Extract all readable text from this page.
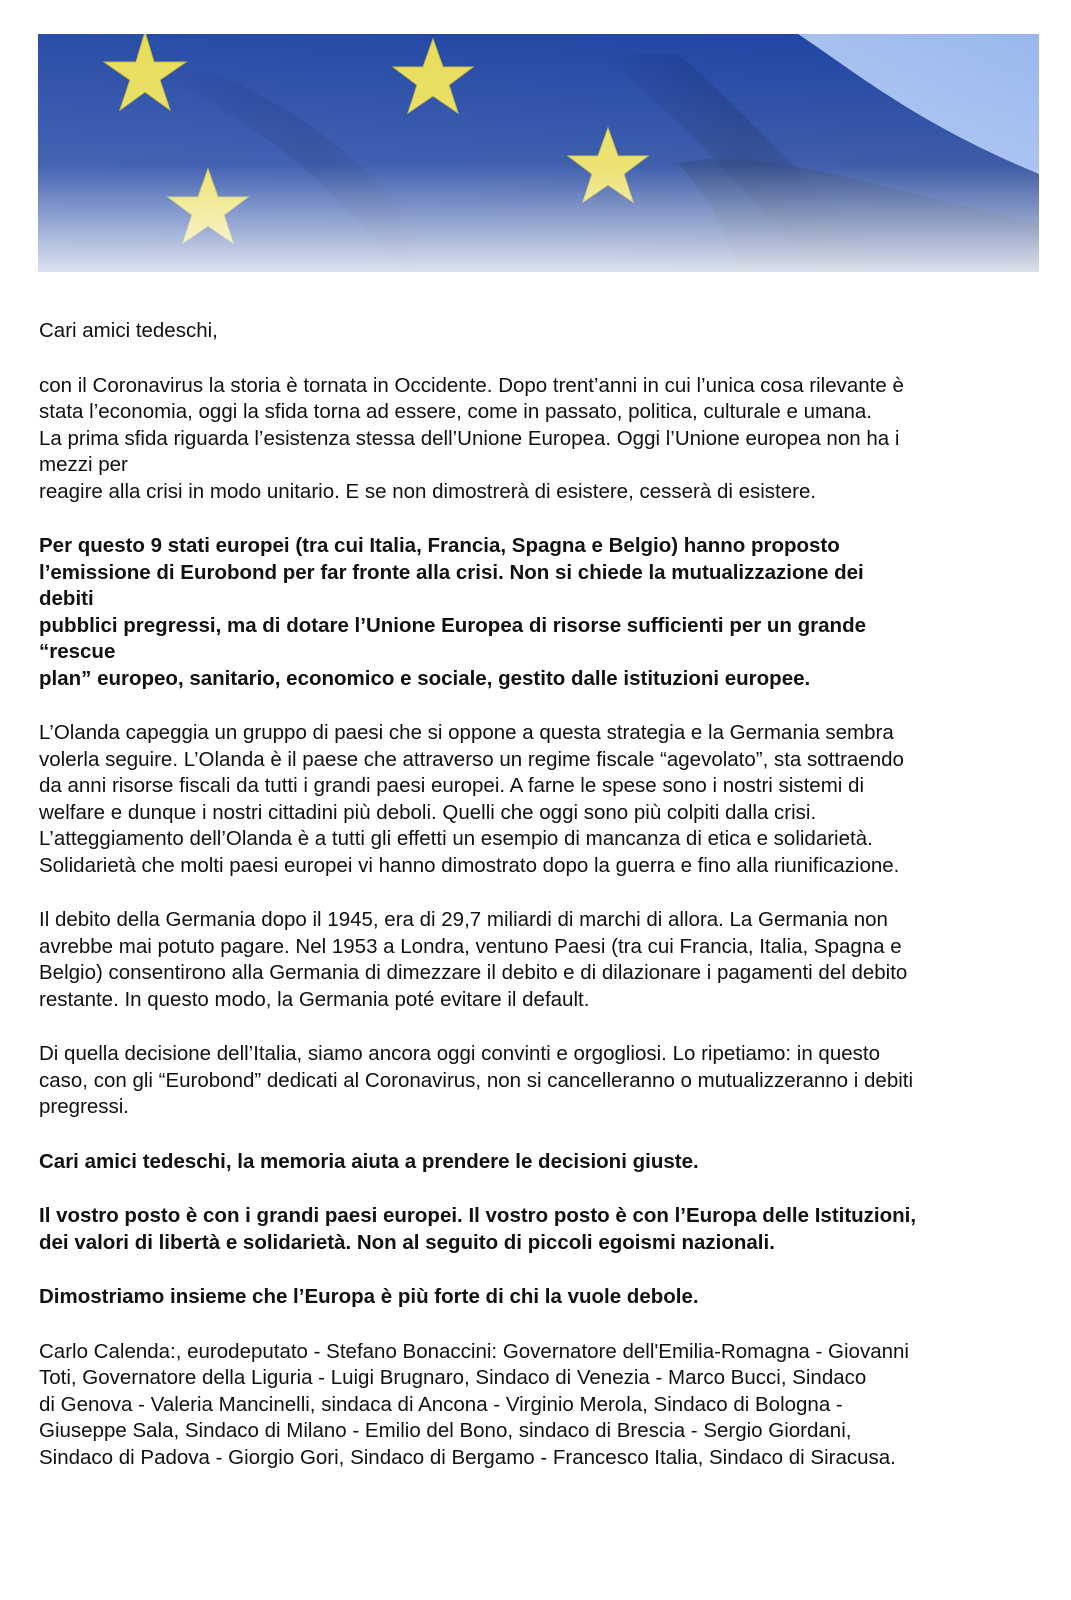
Cari amici tedeschi,

con il Coronavirus la storia è tornata in Occidente. Dopo trent’anni in cui l’unica cosa rilevante è
stata l’economia, oggi la sfida torna ad essere, come in passato, politica, culturale e umana.
La prima sfida riguarda l’esistenza stessa dell’Unione Europea. Oggi l’Unione europea non ha i
mezzi per
reagire alla crisi in modo unitario. E se non dimostrerà di esistere, cesserà di esistere.

Per questo 9 stati europei (tra cui Italia, Francia, Spagna e Belgio) hanno proposto
l’emissione di Eurobond per far fronte alla crisi. Non si chiede la mutualizzazione dei
debiti
pubblici pregressi, ma di dotare l’Unione Europea di risorse sufficienti per un grande
“rescue
plan” europeo, sanitario, economico e sociale, gestito dalle istituzioni europee.

L’Olanda capeggia un gruppo di paesi che si oppone a questa strategia e la Germania sembra
volerla seguire. L’Olanda è il paese che attraverso un regime fiscale “agevolato”, sta sottraendo
da anni risorse fiscali da tutti i grandi paesi europei. A farne le spese sono i nostri sistemi di
welfare e dunque i nostri cittadini più deboli. Quelli che oggi sono più colpiti dalla crisi.
L’atteggiamento dell’Olanda è a tutti gli effetti un esempio di mancanza di etica e solidarietà.
Solidarietà che molti paesi europei vi hanno dimostrato dopo la guerra e fino alla riunificazione.

Il debito della Germania dopo il 1945, era di 29,7 miliardi di marchi di allora. La Germania non
avrebbe mai potuto pagare. Nel 1953 a Londra, ventuno Paesi (tra cui Francia, Italia, Spagna e
Belgio) consentirono alla Germania di dimezzare il debito e di dilazionare i pagamenti del debito
restante. In questo modo, la Germania poté evitare il default.

Di quella decisione dell’Italia, siamo ancora oggi convinti e orgogliosi. Lo ripetiamo: in questo
caso, con gli “Eurobond” dedicati al Coronavirus, non si cancelleranno o mutualizzeranno i debiti
pregressi.

Cari amici tedeschi, la memoria aiuta a prendere le decisioni giuste.

Il vostro posto è con i grandi paesi europei. Il vostro posto è con l’Europa delle Istituzioni,
dei valori di libertà e solidarietà. Non al seguito di piccoli egoismi nazionali.

Dimostriamo insieme che l’Europa è più forte di chi la vuole debole.

Carlo Calenda:, eurodeputato - Stefano Bonaccini: Governatore dell'Emilia-Romagna - Giovanni
Toti, Governatore della Liguria - Luigi Brugnaro, Sindaco di Venezia - Marco Bucci, Sindaco
di Genova - Valeria Mancinelli, sindaca di Ancona - Virginio Merola, Sindaco di Bologna -
Giuseppe Sala, Sindaco di Milano - Emilio del Bono, sindaco di Brescia - Sergio Giordani,
Sindaco di Padova - Giorgio Gori, Sindaco di Bergamo - Francesco Italia, Sindaco di Siracusa.
